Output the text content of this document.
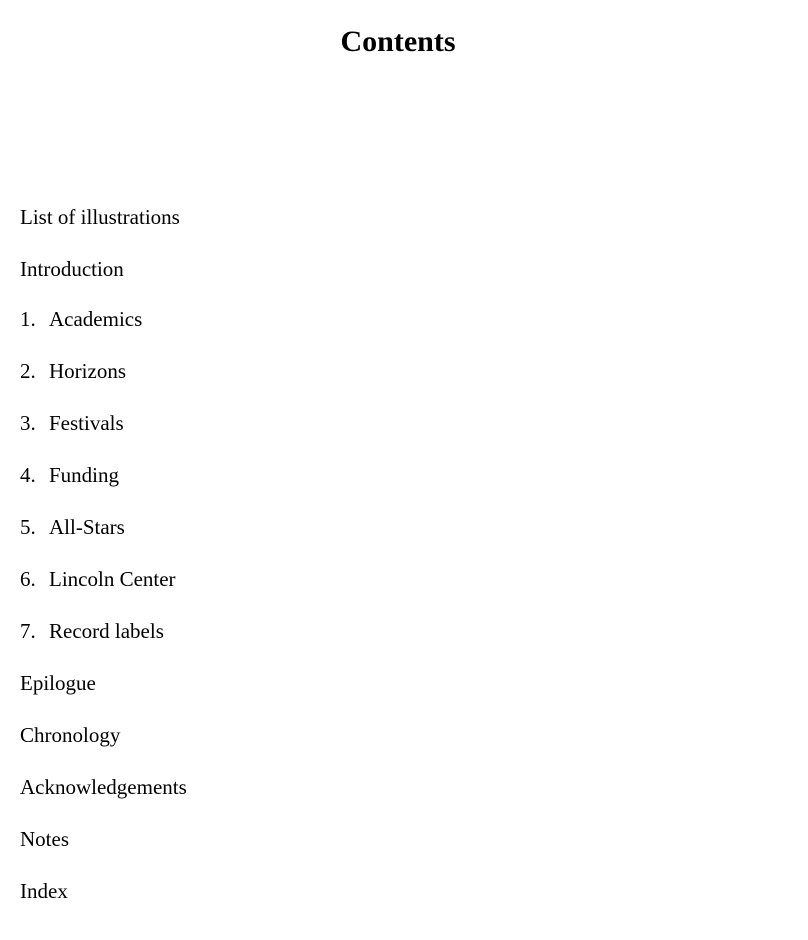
Contents
List of illustrations
Introduction
1. Academics
2. Horizons
3. Festivals
4. Funding
5. All-Stars
6. Lincoln Center
7. Record labels
Epilogue
Chronology
Acknowledgements
Notes
Index
